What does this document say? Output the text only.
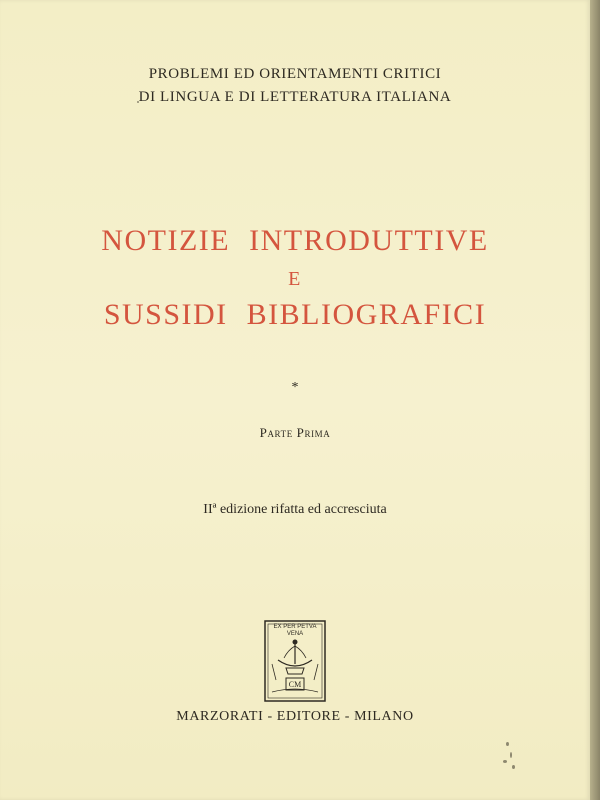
PROBLEMI ED ORIENTAMENTI CRITICI
DI LINGUA E DI LETTERATURA ITALIANA
NOTIZIE INTRODUTTIVE
E
SUSSIDI BIBLIOGRAFICI
*
Parte Prima
IIª edizione rifatta ed accresciuta
CM
EX PER PETVA
VENA
MARZORATI - EDITORE - MILANO
